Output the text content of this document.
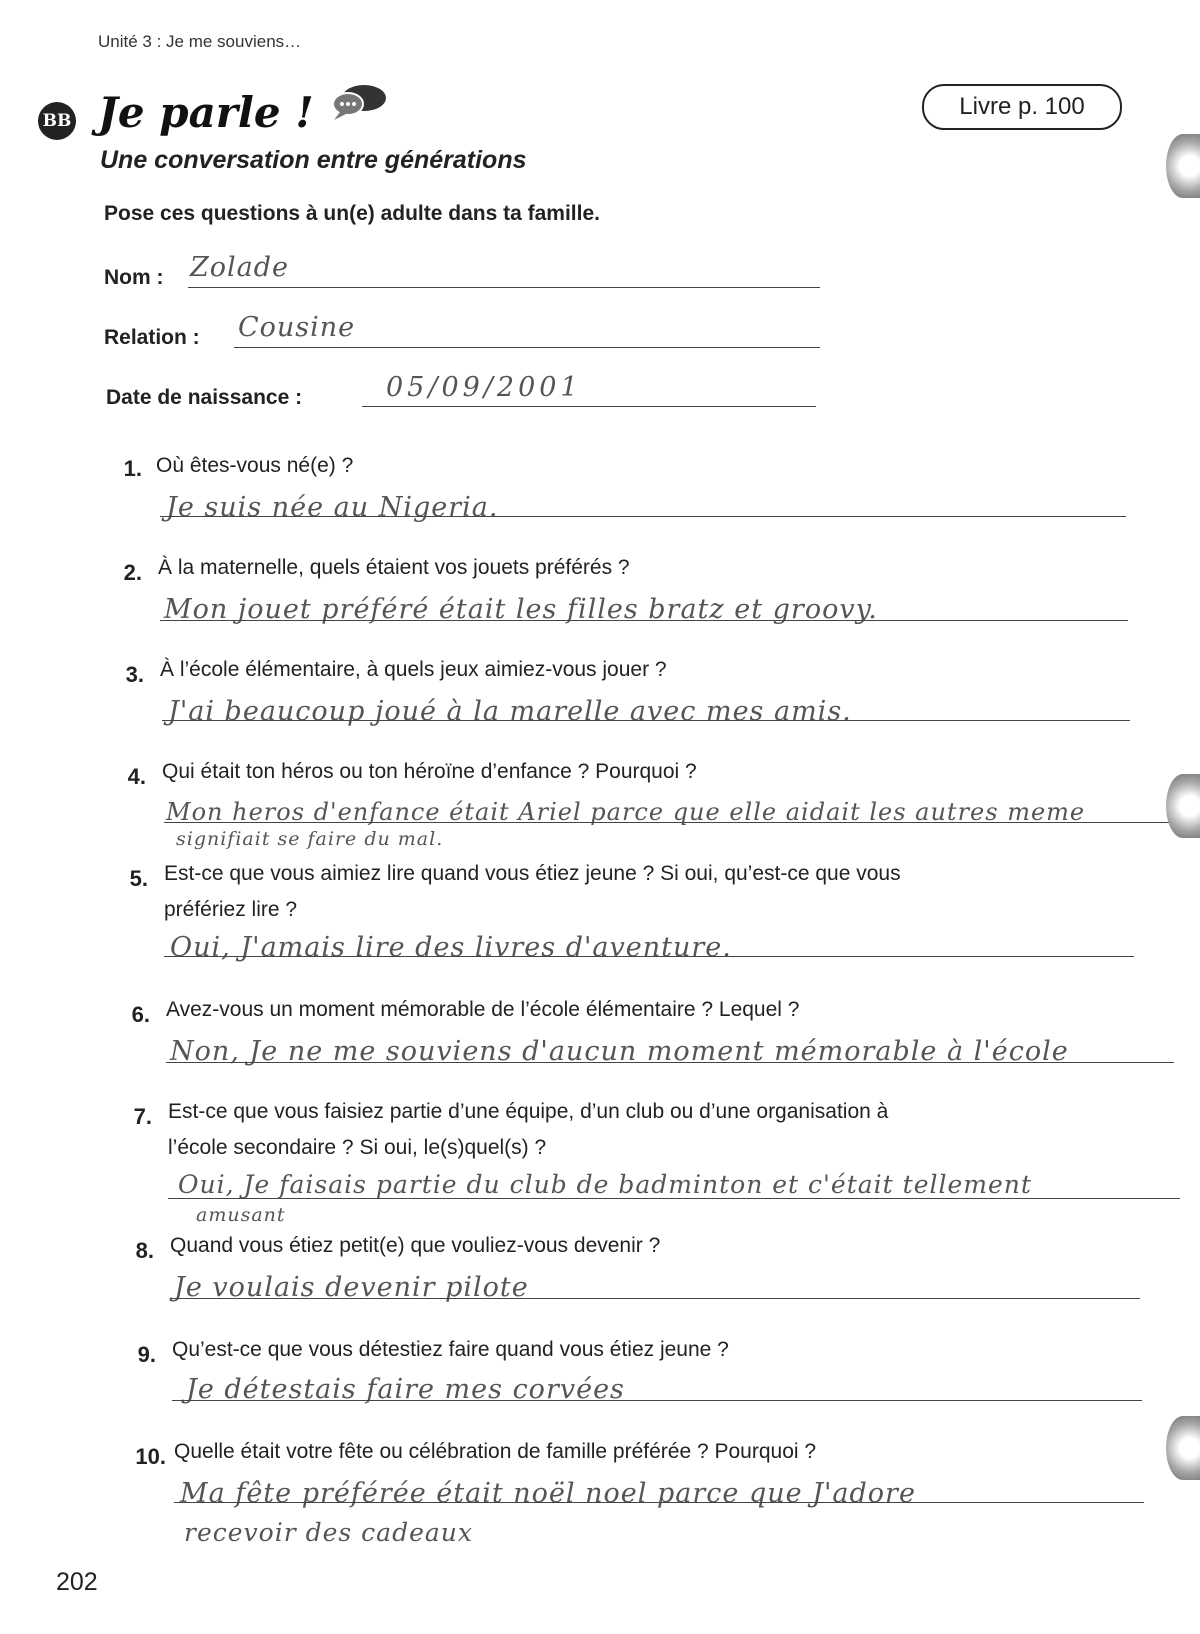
Unité 3 : Je me souviens…
BB Je parle !	Livre p. 100
Une conversation entre générations
Pose ces questions à un(e) adulte dans ta famille.
Nom : Zolade
Relation : Cousine
Date de naissance :	05/09/2001
1. Où êtes-vous né(e) ?
Je suis née au Nigeria.
2. À la maternelle, quels étaient vos jouets préférés ?
Mon jouet préféré était les filles bratz et groovy.
3. À l’école élémentaire, à quels jeux aimiez-vous jouer ?
J'ai beaucoup joué à la marelle avec mes amis.
4. Qui était ton héros ou ton héroïne d’enfance ? Pourquoi ?
Mon heros d'enfance était Ariel parce que elle aidait les autres meme
signifiait se faire du mal.
5. Est-ce que vous aimiez lire quand vous étiez jeune ? Si oui, qu’est-ce que vous
préfériez lire ?
Oui, J'amais lire des livres d'aventure.
6. Avez-vous un moment mémorable de l’école élémentaire ? Lequel ?
Non, Je ne me souviens d'aucun moment mémorable à l'école
7. Est-ce que vous faisiez partie d’une équipe, d’un club ou d’une organisation à
l’école secondaire ? Si oui, le(s)quel(s) ?
Oui, Je faisais partie du club de badminton et c'était tellement
amusant
8. Quand vous étiez petit(e) que vouliez-vous devenir ?
Je voulais devenir pilote
9. Qu’est-ce que vous détestiez faire quand vous étiez jeune ?
Je détestais faire mes corvées
10. Quelle était votre fête ou célébration de famille préférée ? Pourquoi ?
Ma fête préférée était noël noel parce que J'adore
recevoir des cadeaux
202
